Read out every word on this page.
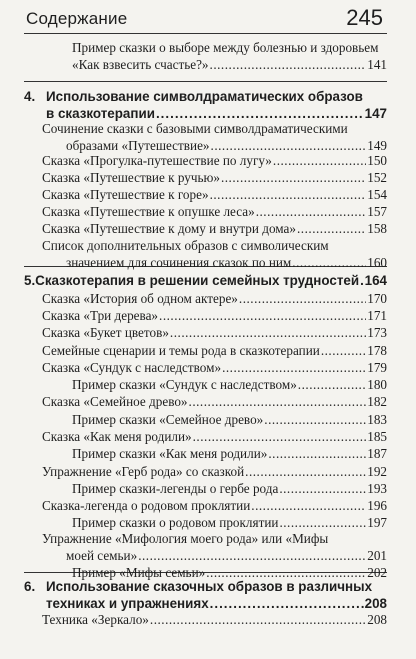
Содержание	245
Пример сказки о выборе между болезнью и здоровьем
«Как взвесить счастье?» .....	141
4. Использование символдраматических образов
в сказкотерапии .....	147
Сочинение сказки с базовыми символдраматическими
образами «Путешествие» .....	149
Сказка «Прогулка-путешествие по лугу» .....	150
Сказка «Путешествие к ручью» .....	152
Сказка «Путешествие к горе» .....	154
Сказка «Путешествие к опушке леса» .....	157
Сказка «Путешествие к дому и внутри дома» .....	158
Список дополнительных образов с символическим
значением для сочинения сказок по ним .....	160
5. Сказкотерапия в решении семейных трудностей ..... 164
Сказка «История об одном актере» .....	170
Сказка «Три дерева» .....	171
Сказка «Букет цветов» .....	173
Семейные сценарии и темы рода в сказкотерапии .....	178
Сказка «Сундук с наследством» .....	179
Пример сказки «Сундук с наследством» .....	180
Сказка «Семейное древо» .....	182
Пример сказки «Семейное древо» .....	183
Сказка «Как меня родили» .....	185
Пример сказки «Как меня родили» .....	187
Упражнение «Герб рода» со сказкой .....	192
Пример сказки-легенды о гербе рода .....	193
Сказка-легенда о родовом проклятии .....	196
Пример сказки о родовом проклятии .....	197
Упражнение «Мифология моего рода» или «Мифы
моей семьи» .....	201
Пример «Мифы семьи» .....	202
6. Использование сказочных образов в различных
техниках и упражнениях .....	208
Техника «Зеркало» .....	208
